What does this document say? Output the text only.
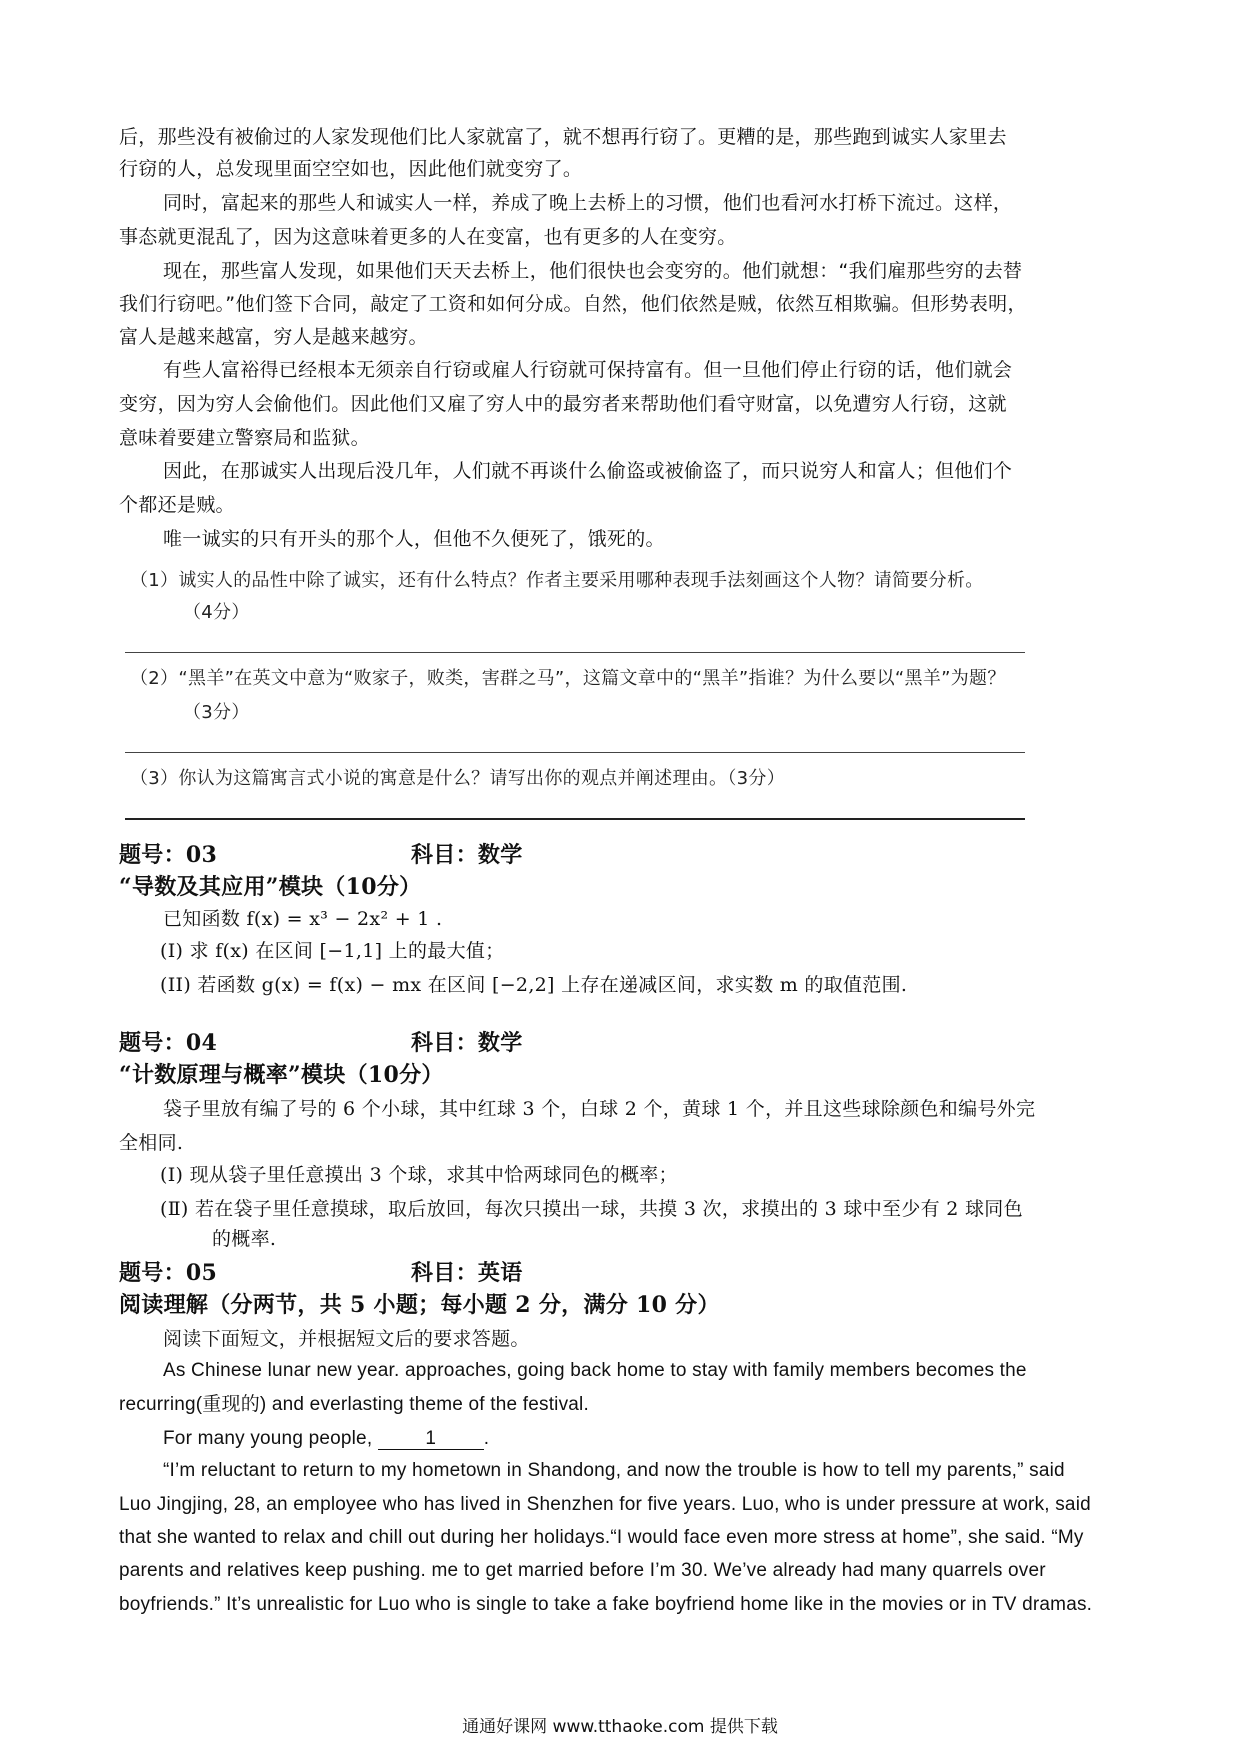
后，那些没有被偷过的人家发现他们比人家就富了，就不想再行窃了。更糟的是，那些跑到诚实人家里去
行窃的人，总发现里面空空如也，因此他们就变穷了。
同时，富起来的那些人和诚实人一样，养成了晚上去桥上的习惯，他们也看河水打桥下流过。这样，
事态就更混乱了，因为这意味着更多的人在变富，也有更多的人在变穷。
现在，那些富人发现，如果他们天天去桥上，他们很快也会变穷的。他们就想：“我们雇那些穷的去替
我们行窃吧。”他们签下合同，敲定了工资和如何分成。自然，他们依然是贼，依然互相欺骗。但形势表明，
富人是越来越富，穷人是越来越穷。
有些人富裕得已经根本无须亲自行窃或雇人行窃就可保持富有。但一旦他们停止行窃的话，他们就会
变穷，因为穷人会偷他们。因此他们又雇了穷人中的最穷者来帮助他们看守财富，以免遭穷人行窃，这就
意味着要建立警察局和监狱。
因此，在那诚实人出现后没几年，人们就不再谈什么偷盗或被偷盗了，而只说穷人和富人；但他们个
个都还是贼。
唯一诚实的只有开头的那个人，但他不久便死了，饿死的。
（1）诚实人的品性中除了诚实，还有什么特点？作者主要采用哪种表现手法刻画这个人物？请简要分析。
（4分）
（2）“黑羊”在英文中意为“败家子，败类，害群之马”，这篇文章中的“黑羊”指谁？为什么要以“黑羊”为题？
（3分）
（3）你认为这篇寓言式小说的寓意是什么？请写出你的观点并阐述理由。（3分）
题号：03	科目：数学
“导数及其应用”模块（10分）
已知函数 f(x) = x³ − 2x² + 1 .
(I) 求 f(x) 在区间 [−1,1] 上的最大值；
(II) 若函数 g(x) = f(x) − mx 在区间 [−2,2] 上存在递减区间，求实数 m 的取值范围.
题号：04	科目：数学
“计数原理与概率”模块（10分）
袋子里放有编了号的 6 个小球，其中红球 3 个，白球 2 个，黄球 1 个，并且这些球除颜色和编号外完
全相同.
(Ⅰ) 现从袋子里任意摸出 3 个球，求其中恰两球同色的概率；
(Ⅱ) 若在袋子里任意摸球，取后放回，每次只摸出一球，共摸 3 次，求摸出的 3 球中至少有 2 球同色
的概率.
题号：05	科目：英语
阅读理解（分两节，共 5 小题；每小题 2 分，满分 10 分）
阅读下面短文，并根据短文后的要求答题。
As Chinese lunar new year. approaches, going back home to stay with family members becomes the
recurring(重现的) and everlasting theme of the festival.
For many young people,	1	.
“I’m reluctant to return to my hometown in Shandong, and now the trouble is how to tell my parents,” said
Luo Jingjing, 28, an employee who has lived in Shenzhen for five years. Luo, who is under pressure at work, said
that she wanted to relax and chill out during her holidays.“I would face even more stress at home”, she said. “My
parents and relatives keep pushing. me to get married before I’m 30. We’ve already had many quarrels over
boyfriends.” It’s unrealistic for Luo who is single to take a fake boyfriend home like in the movies or in TV dramas.
通通好课网 www.tthaoke.com 提供下载
